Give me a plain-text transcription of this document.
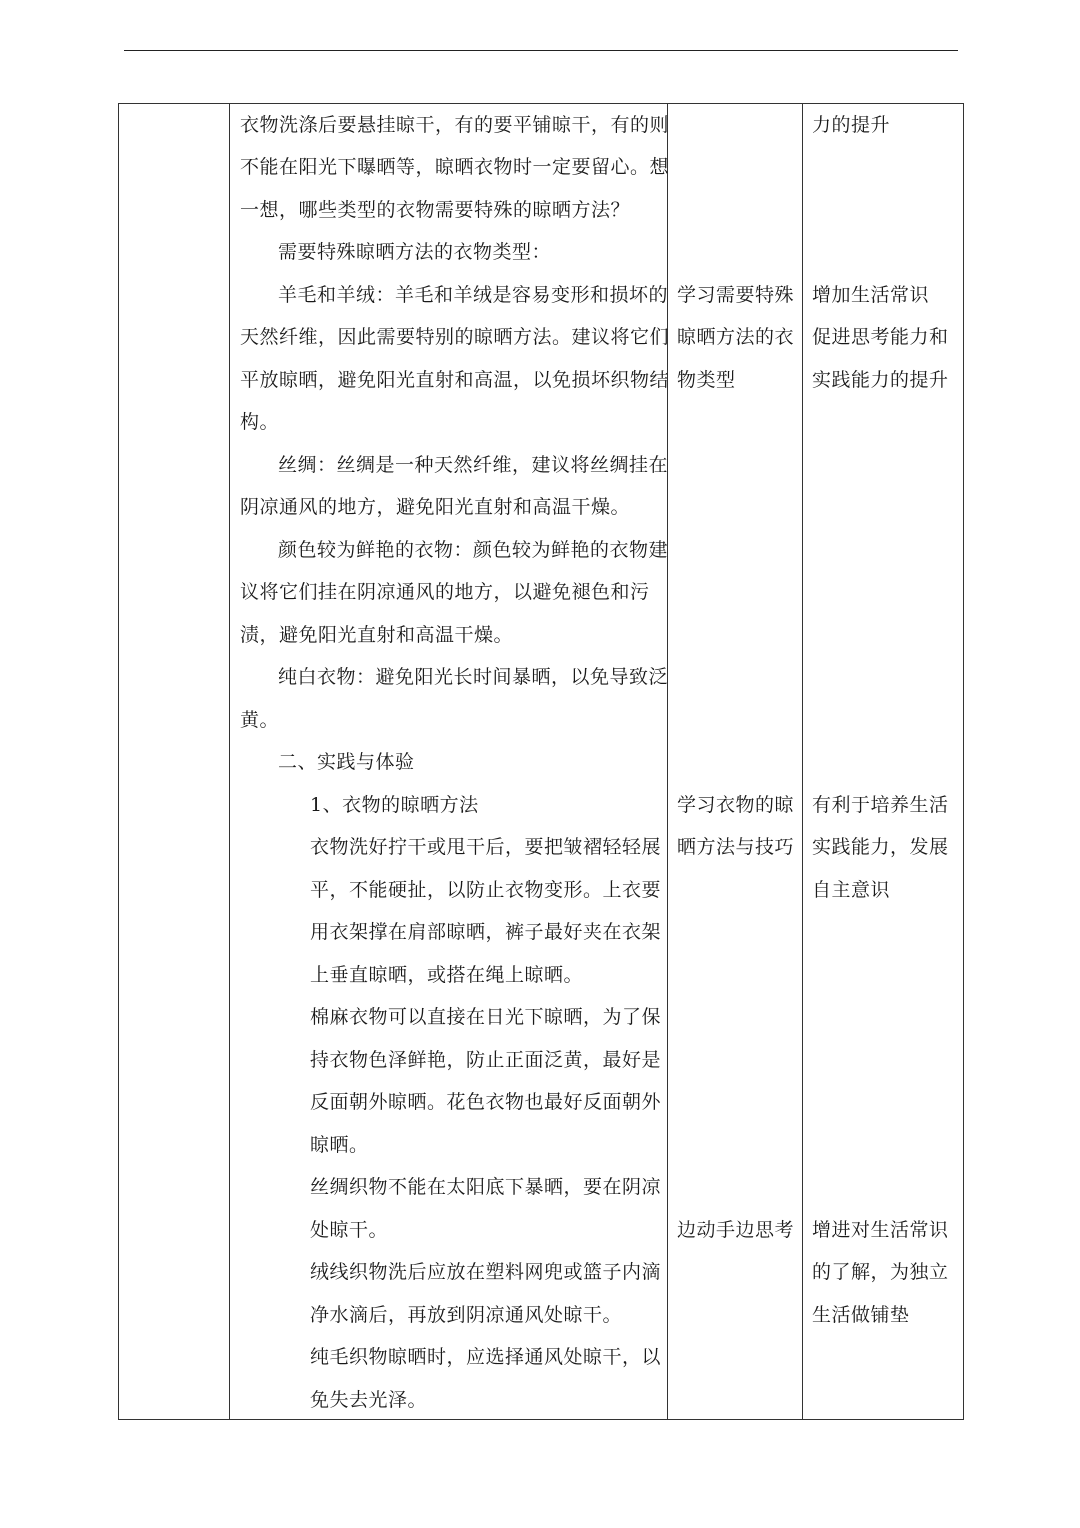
衣物洗涤后要悬挂晾干，有的要平铺晾干，有的则
不能在阳光下曝晒等，晾晒衣物时一定要留心。想
一想，哪些类型的衣物需要特殊的晾晒方法？
需要特殊晾晒方法的衣物类型：
羊毛和羊绒：羊毛和羊绒是容易变形和损坏的
天然纤维，因此需要特别的晾晒方法。建议将它们
平放晾晒，避免阳光直射和高温，以免损坏织物结
构。
丝绸：丝绸是一种天然纤维，建议将丝绸挂在
阴凉通风的地方，避免阳光直射和高温干燥。
颜色较为鲜艳的衣物：颜色较为鲜艳的衣物建
议将它们挂在阴凉通风的地方，以避免褪色和污
渍，避免阳光直射和高温干燥。
纯白衣物：避免阳光长时间暴晒，以免导致泛
黄。
二、实践与体验
1、衣物的晾晒方法
衣物洗好拧干或甩干后，要把皱褶轻轻展
平，不能硬扯，以防止衣物变形。上衣要
用衣架撑在肩部晾晒，裤子最好夹在衣架
上垂直晾晒，或搭在绳上晾晒。
棉麻衣物可以直接在日光下晾晒，为了保
持衣物色泽鲜艳，防止正面泛黄，最好是
反面朝外晾晒。花色衣物也最好反面朝外
晾晒。
丝绸织物不能在太阳底下暴晒，要在阴凉
处晾干。
绒线织物洗后应放在塑料网兜或篮子内滴
净水滴后，再放到阴凉通风处晾干。
纯毛织物晾晒时，应选择通风处晾干，以
免失去光泽。
学习需要特殊
晾晒方法的衣
物类型
学习衣物的晾
晒方法与技巧
边动手边思考
力的提升
增加生活常识
促进思考能力和
实践能力的提升
有利于培养生活
实践能力，发展
自主意识
增进对生活常识
的了解，为独立
生活做铺垫
